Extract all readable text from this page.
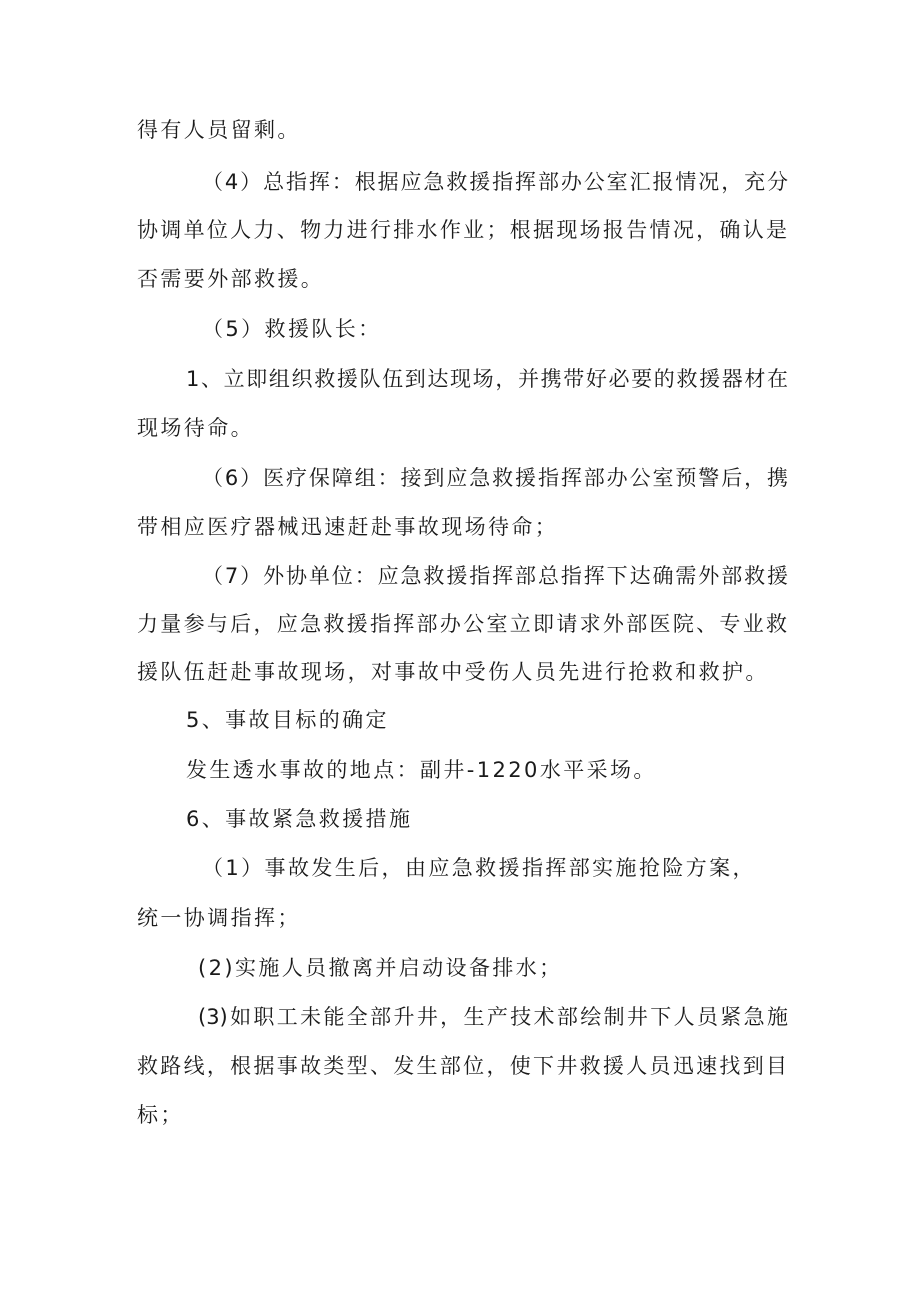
得有人员留剩。

（4）总指挥：根据应急救援指挥部办公室汇报情况，充分

协调单位人力、物力进行排水作业；根据现场报告情况，确认是

否需要外部救援。

（5）救援队长：

1、立即组织救援队伍到达现场，并携带好必要的救援器材在

现场待命。

（6）医疗保障组：接到应急救援指挥部办公室预警后，携

带相应医疗器械迅速赶赴事故现场待命；

（7）外协单位：应急救援指挥部总指挥下达确需外部救援

力量参与后，应急救援指挥部办公室立即请求外部医院、专业救

援队伍赶赴事故现场，对事故中受伤人员先进行抢救和救护。

5、事故目标的确定

发生透水事故的地点：副井-1220水平采场。

6、事故紧急救援措施

（1）事故发生后，由应急救援指挥部实施抢险方案，

统一协调指挥；

(2)实施人员撤离并启动设备排水；

(3)如职工未能全部升井，生产技术部绘制井下人员紧急施

救路线，根据事故类型、发生部位，使下井救援人员迅速找到目

标；
